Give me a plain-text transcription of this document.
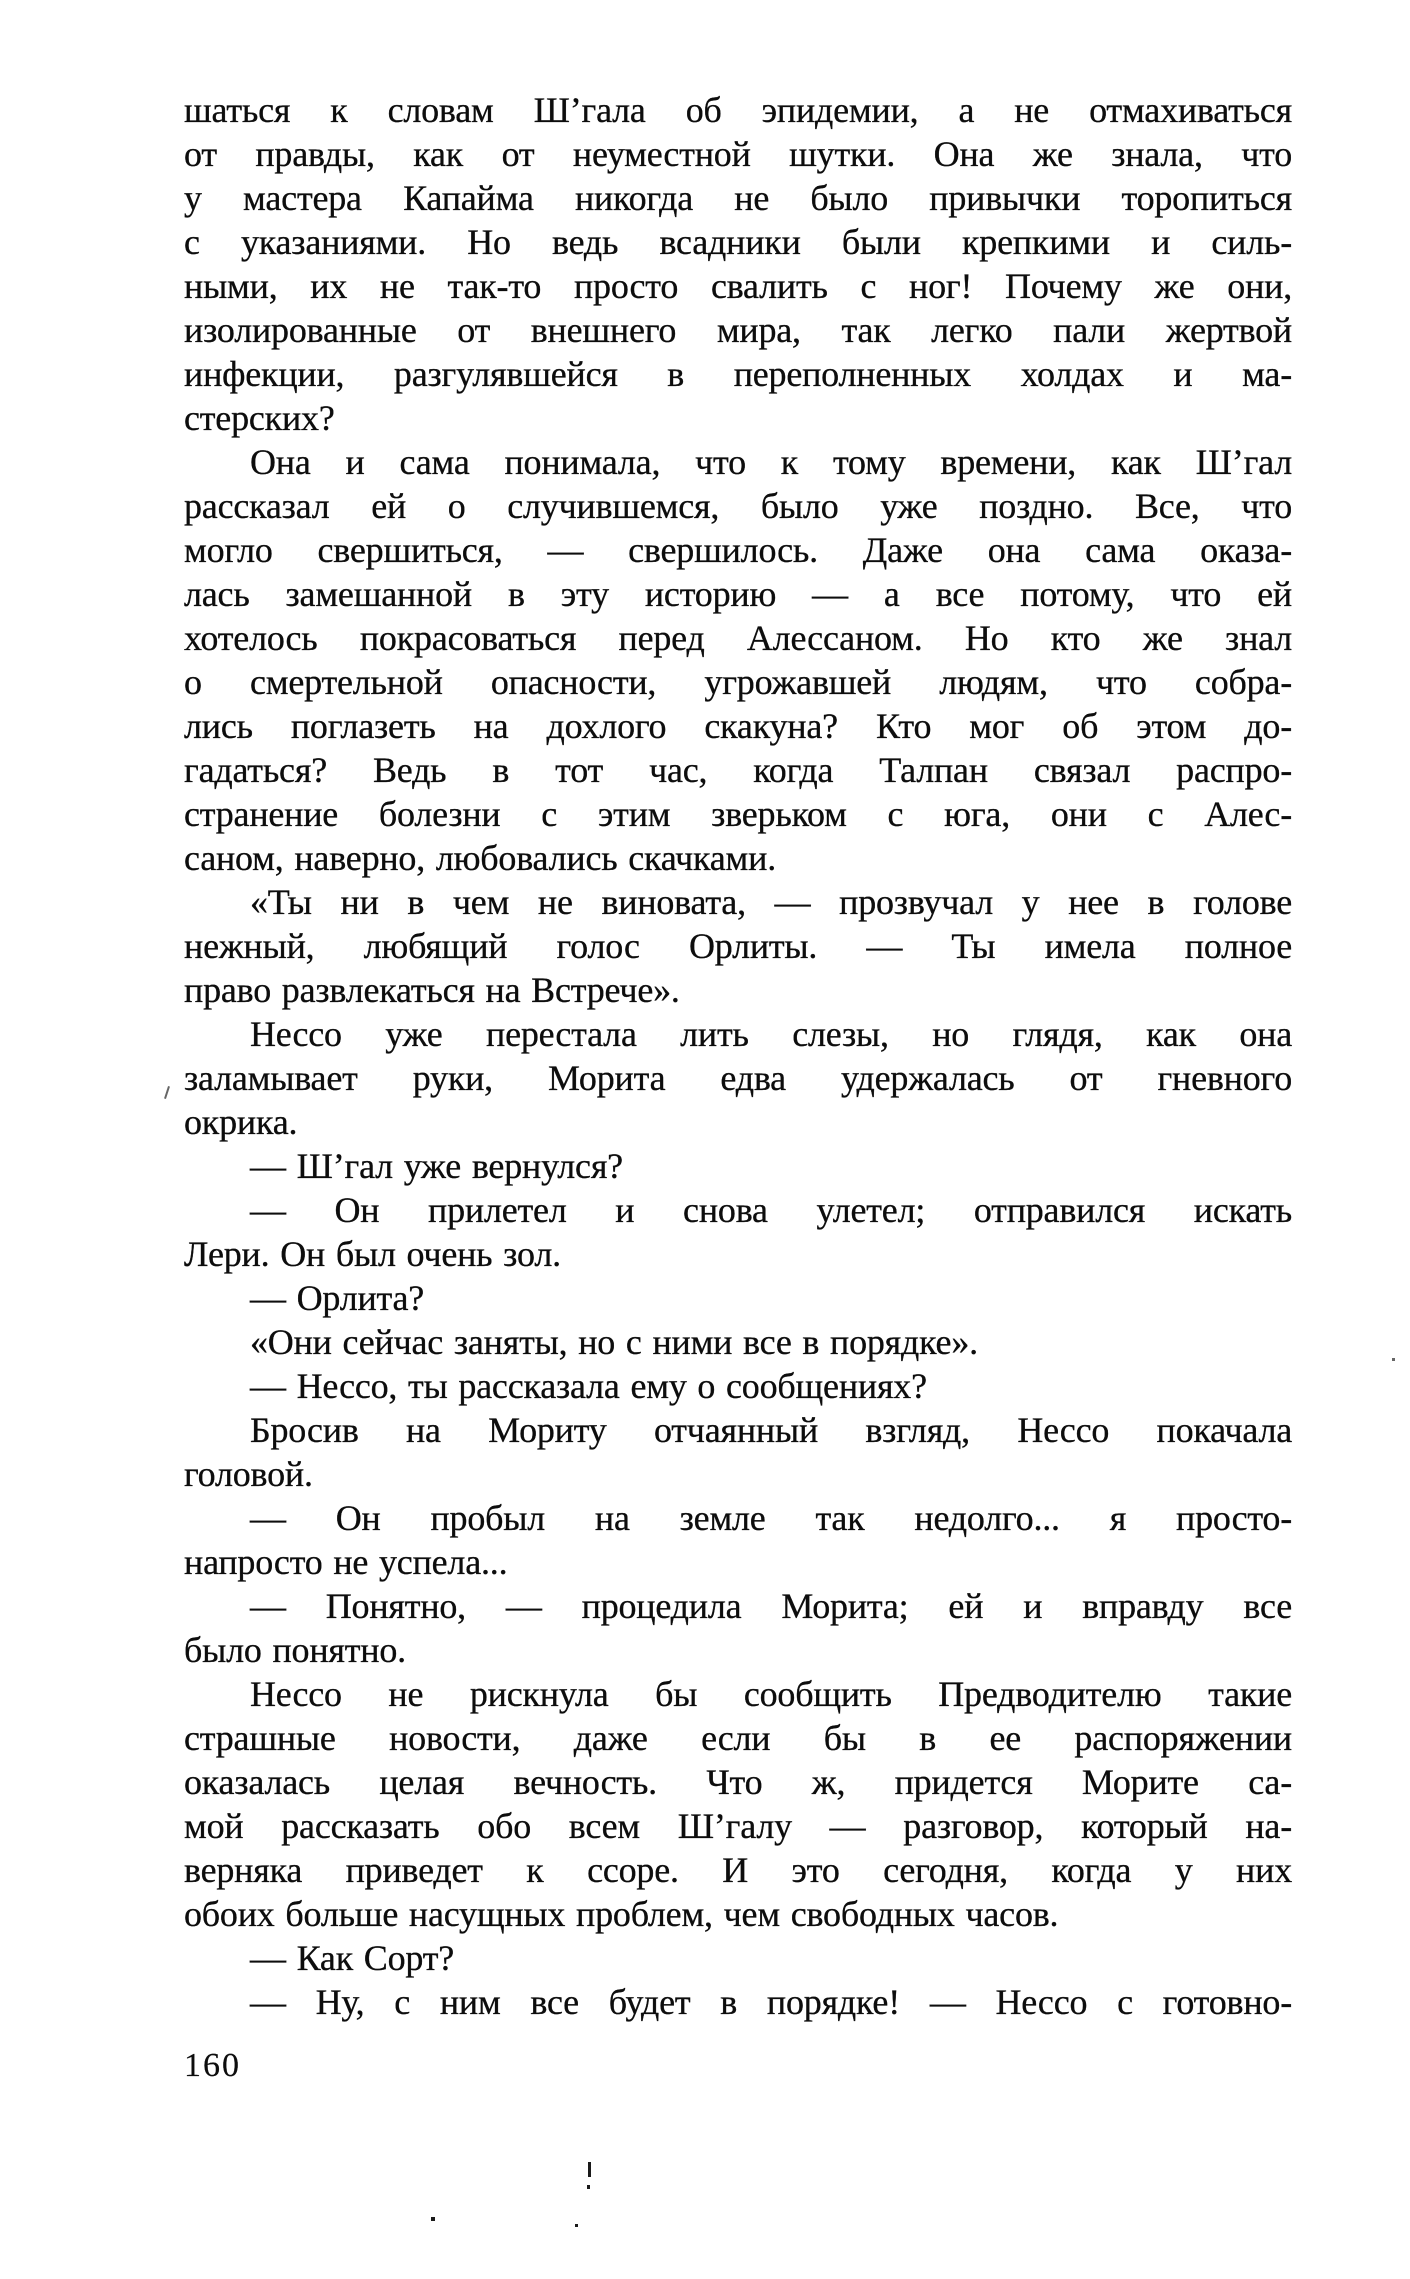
шаться к словам Ш’гала об эпидемии, а не отмахиваться
от правды, как от неуместной шутки. Она же знала, что
у мастера Капайма никогда не было привычки торопиться
с указаниями. Но ведь всадники были крепкими и силь-
ными, их не так-то просто свалить с ног! Почему же они,
изолированные от внешнего мира, так легко пали жертвой
инфекции, разгулявшейся в переполненных холдах и ма-
стерских?
Она и сама понимала, что к тому времени, как Ш’гал
рассказал ей о случившемся, было уже поздно. Все, что
могло свершиться, — свершилось. Даже она сама оказа-
лась замешанной в эту историю — а все потому, что ей
хотелось покрасоваться перед Алессаном. Но кто же знал
о смертельной опасности, угрожавшей людям, что собра-
лись поглазеть на дохлого скакуна? Кто мог об этом до-
гадаться? Ведь в тот час, когда Талпан связал распро-
странение болезни с этим зверьком с юга, они с Алес-
саном, наверно, любовались скачками.
«Ты ни в чем не виновата, — прозвучал у нее в голове
нежный, любящий голос Орлиты. — Ты имела полное
право развлекаться на Встрече».
Нессо уже перестала лить слезы, но глядя, как она
заламывает руки, Морита едва удержалась от гневного
окрика.
— Ш’гал уже вернулся?
— Он прилетел и снова улетел; отправился искать
Лери. Он был очень зол.
— Орлита?
«Они сейчас заняты, но с ними все в порядке».
— Нессо, ты рассказала ему о сообщениях?
Бросив на Мориту отчаянный взгляд, Нессо покачала
головой.
— Он пробыл на земле так недолго... я просто-
напросто не успела...
— Понятно, — процедила Морита; ей и вправду все
было понятно.
Нессо не рискнула бы сообщить Предводителю такие
страшные новости, даже если бы в ее распоряжении
оказалась целая вечность. Что ж, придется Морите са-
мой рассказать обо всем Ш’галу — разговор, который на-
верняка приведет к ссоре. И это сегодня, когда у них
обоих больше насущных проблем, чем свободных часов.
— Как Сорт?
— Ну, с ним все будет в порядке! — Нессо с готовно-
160
